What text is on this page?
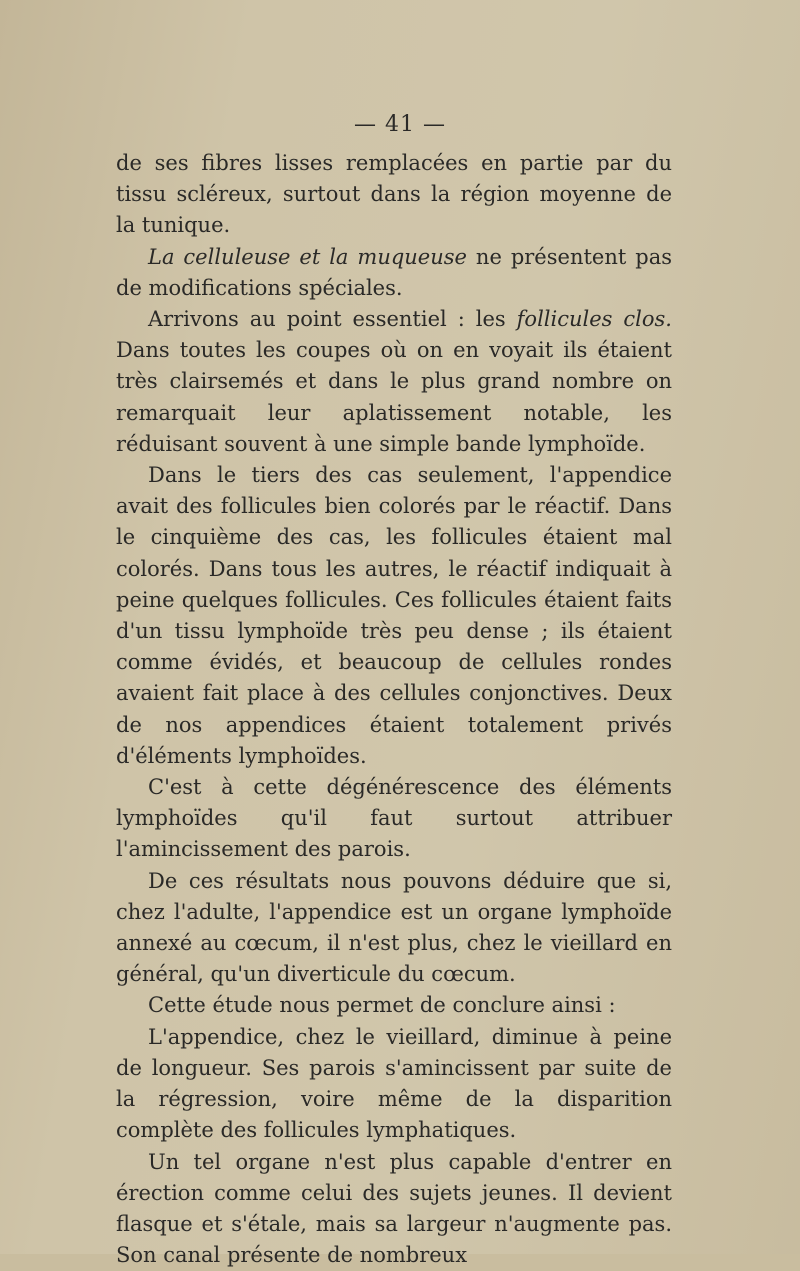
— 41 —

de ses fibres lisses remplacées en partie par du tissu scléreux, surtout dans la région moyenne de la tunique.

La celluleuse et la muqueuse ne présentent pas de modifications spéciales.

Arrivons au point essentiel : les follicules clos. Dans toutes les coupes où on en voyait ils étaient très clairsemés et dans le plus grand nombre on remarquait leur aplatissement notable, les réduisant souvent à une simple bande lymphoïde.

Dans le tiers des cas seulement, l'appendice avait des follicules bien colorés par le réactif. Dans le cinquième des cas, les follicules étaient mal colorés. Dans tous les autres, le réactif indiquait à peine quelques follicules. Ces follicules étaient faits d'un tissu lymphoïde très peu dense ; ils étaient comme évidés, et beaucoup de cellules rondes avaient fait place à des cellules conjonctives. Deux de nos appendices étaient totalement privés d'éléments lymphoïdes.

C'est à cette dégénérescence des éléments lymphoïdes qu'il faut surtout attribuer l'amincissement des parois.

De ces résultats nous pouvons déduire que si, chez l'adulte, l'appendice est un organe lymphoïde annexé au cœcum, il n'est plus, chez le vieillard en général, qu'un diverticule du cœcum.

Cette étude nous permet de conclure ainsi :

L'appendice, chez le vieillard, diminue à peine de longueur. Ses parois s'amincissent par suite de la régression, voire même de la disparition complète des follicules lymphatiques.

Un tel organe n'est plus capable d'entrer en érection comme celui des sujets jeunes. Il devient flasque et s'étale, mais sa largeur n'augmente pas. Son canal présente de nombreux
